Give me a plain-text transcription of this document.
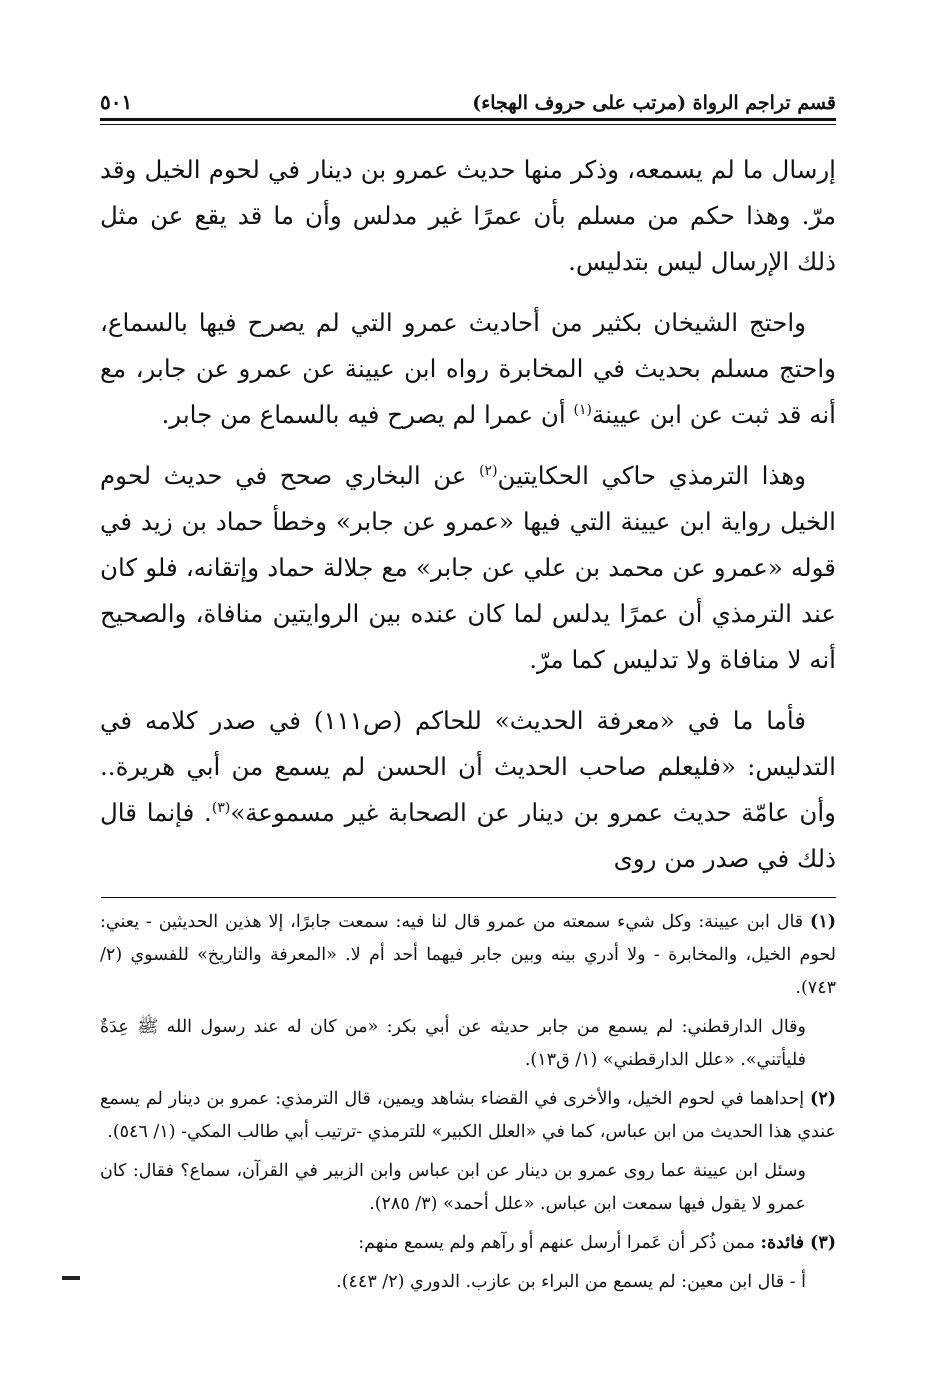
قسم تراجم الرواة (مرتب على حروف الهجاء)
٥٠١

إرسال ما لم يسمعه، وذكر منها حديث عمرو بن دينار في لحوم الخيل وقد مرّ. وهذا حكم من مسلم بأن عمرًا غير مدلس وأن ما قد يقع عن مثل ذلك الإرسال ليس بتدليس.

واحتج الشيخان بكثير من أحاديث عمرو التي لم يصرح فيها بالسماع، واحتج مسلم بحديث في المخابرة رواه ابن عيينة عن عمرو عن جابر، مع أنه قد ثبت عن ابن عيينة$^{(١)}$ أن عمرا لم يصرح فيه بالسماع من جابر.

وهذا الترمذي حاكي الحكايتين$^{(٢)}$ عن البخاري صحح في حديث لحوم الخيل رواية ابن عيينة التي فيها «عمرو عن جابر» وخطأ حماد بن زيد في قوله «عمرو عن محمد بن علي عن جابر» مع جلالة حماد وإتقانه، فلو كان عند الترمذي أن عمرًا يدلس لما كان عنده بين الروايتين منافاة، والصحيح أنه لا منافاة ولا تدليس كما مرّ.

فأما ما في «معرفة الحديث» للحاكم (ص١١١) في صدر كلامه في التدليس: «فليعلم صاحب الحديث أن الحسن لم يسمع من أبي هريرة.. وأن عامّة حديث عمرو بن دينار عن الصحابة غير مسموعة»$^{(٣)}$. فإنما قال ذلك في صدر من روى

(١) قال ابن عيينة: وكل شيء سمعته من عمرو قال لنا فيه: سمعت جابرًا، إلا هذين الحديثين - يعني: لحوم الخيل، والمخابرة - ولا أدري بينه وبين جابر فيهما أحد أم لا. «المعرفة والتاريخ» للفسوي (٢/ ٧٤٣).

وقال الدارقطني: لم يسمع من جابر حديثه عن أبي بكر: «من كان له عند رسول الله ﷺ عِدَةٌ فليأتني». «علل الدارقطني» (١/ ق١٣).

(٢) إحداهما في لحوم الخيل، والأخرى في القضاء بشاهد ويمين، قال الترمذي: عمرو بن دينار لم يسمع عندي هذا الحديث من ابن عباس، كما في «العلل الكبير» للترمذي -ترتيب أبي طالب المكي- (١/ ٥٤٦).

وسئل ابن عيينة عما روى عمرو بن دينار عن ابن عباس وابن الزبير في القرآن، سماع؟ فقال: كان عمرو لا يقول فيها سمعت ابن عباس. «علل أحمد» (٣/ ٢٨٥).

(٣) فائدة: ممن ذُكر أن عَمرا أرسل عنهم أو رآهم ولم يسمع منهم:

أ - قال ابن معين: لم يسمع من البراء بن عازب. الدوري (٢/ ٤٤٣).
